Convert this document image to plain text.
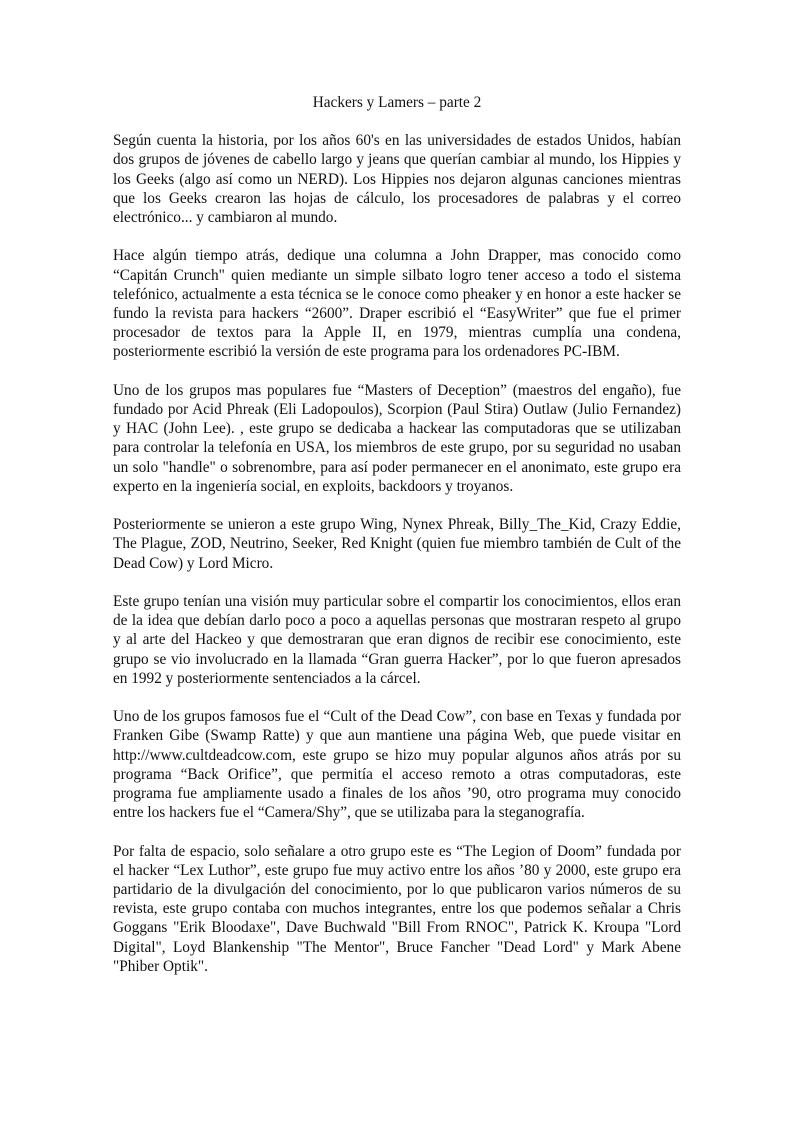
Hackers y Lamers – parte 2

Según cuenta la historia, por los años 60's en las universidades de estados Unidos, habían dos grupos de jóvenes de cabello largo y jeans que querían cambiar al mundo, los Hippies y los Geeks (algo así como un NERD). Los Hippies nos dejaron algunas canciones mientras que los Geeks crearon las hojas de cálculo, los procesadores de palabras y el correo electrónico... y cambiaron al mundo.

Hace algún tiempo atrás, dedique una columna a John Drapper, mas conocido como “Capitán Crunch" quien mediante un simple silbato logro tener acceso a todo el sistema telefónico, actualmente a esta técnica se le conoce como pheaker y en honor a este hacker se fundo la revista para hackers “2600”. Draper escribió el “EasyWriter” que fue el primer procesador de textos para la Apple II, en 1979, mientras cumplía una condena, posteriormente escribió la versión de este programa para los ordenadores PC-IBM.

Uno de los grupos mas populares fue “Masters of Deception” (maestros del engaño), fue fundado por Acid Phreak (Eli Ladopoulos), Scorpion (Paul Stira) Outlaw (Julio Fernandez) y HAC (John Lee). , este grupo se dedicaba a hackear las computadoras que se utilizaban para controlar la telefonía en USA, los miembros de este grupo, por su seguridad no usaban un solo "handle" o sobrenombre, para así poder permanecer en el anonimato, este grupo era experto en la ingeniería social, en exploits, backdoors y troyanos.

Posteriormente se unieron a este grupo Wing, Nynex Phreak, Billy_The_Kid, Crazy Eddie, The Plague, ZOD, Neutrino, Seeker, Red Knight (quien fue miembro también de Cult of the Dead Cow) y Lord Micro.

Este grupo tenían una visión muy particular sobre el compartir los conocimientos, ellos eran de la idea que debían darlo poco a poco a aquellas personas que mostraran respeto al grupo y al arte del Hackeo y que demostraran que eran dignos de recibir ese conocimiento, este grupo se vio involucrado en la llamada “Gran guerra Hacker”, por lo que fueron apresados en 1992 y posteriormente sentenciados a la cárcel.

Uno de los grupos famosos fue el “Cult of the Dead Cow”, con base en Texas y fundada por Franken Gibe (Swamp Ratte) y que aun mantiene una página Web, que puede visitar en http://www.cultdeadcow.com, este grupo se hizo muy popular algunos años atrás por su programa “Back Orifice”, que permitía el acceso remoto a otras computadoras, este programa fue ampliamente usado a finales de los años ’90, otro programa muy conocido entre los hackers fue el “Camera/Shy”, que se utilizaba para la steganografía.

Por falta de espacio, solo señalare a otro grupo este es “The Legion of Doom” fundada por el hacker “Lex Luthor”, este grupo fue muy activo entre los años ’80 y 2000, este grupo era partidario de la divulgación del conocimiento, por lo que publicaron varios números de su revista, este grupo contaba con muchos integrantes, entre los que podemos señalar a Chris Goggans "Erik Bloodaxe", Dave Buchwald "Bill From RNOC", Patrick K. Kroupa "Lord Digital", Loyd Blankenship "The Mentor", Bruce Fancher "Dead Lord" y Mark Abene "Phiber Optik".
